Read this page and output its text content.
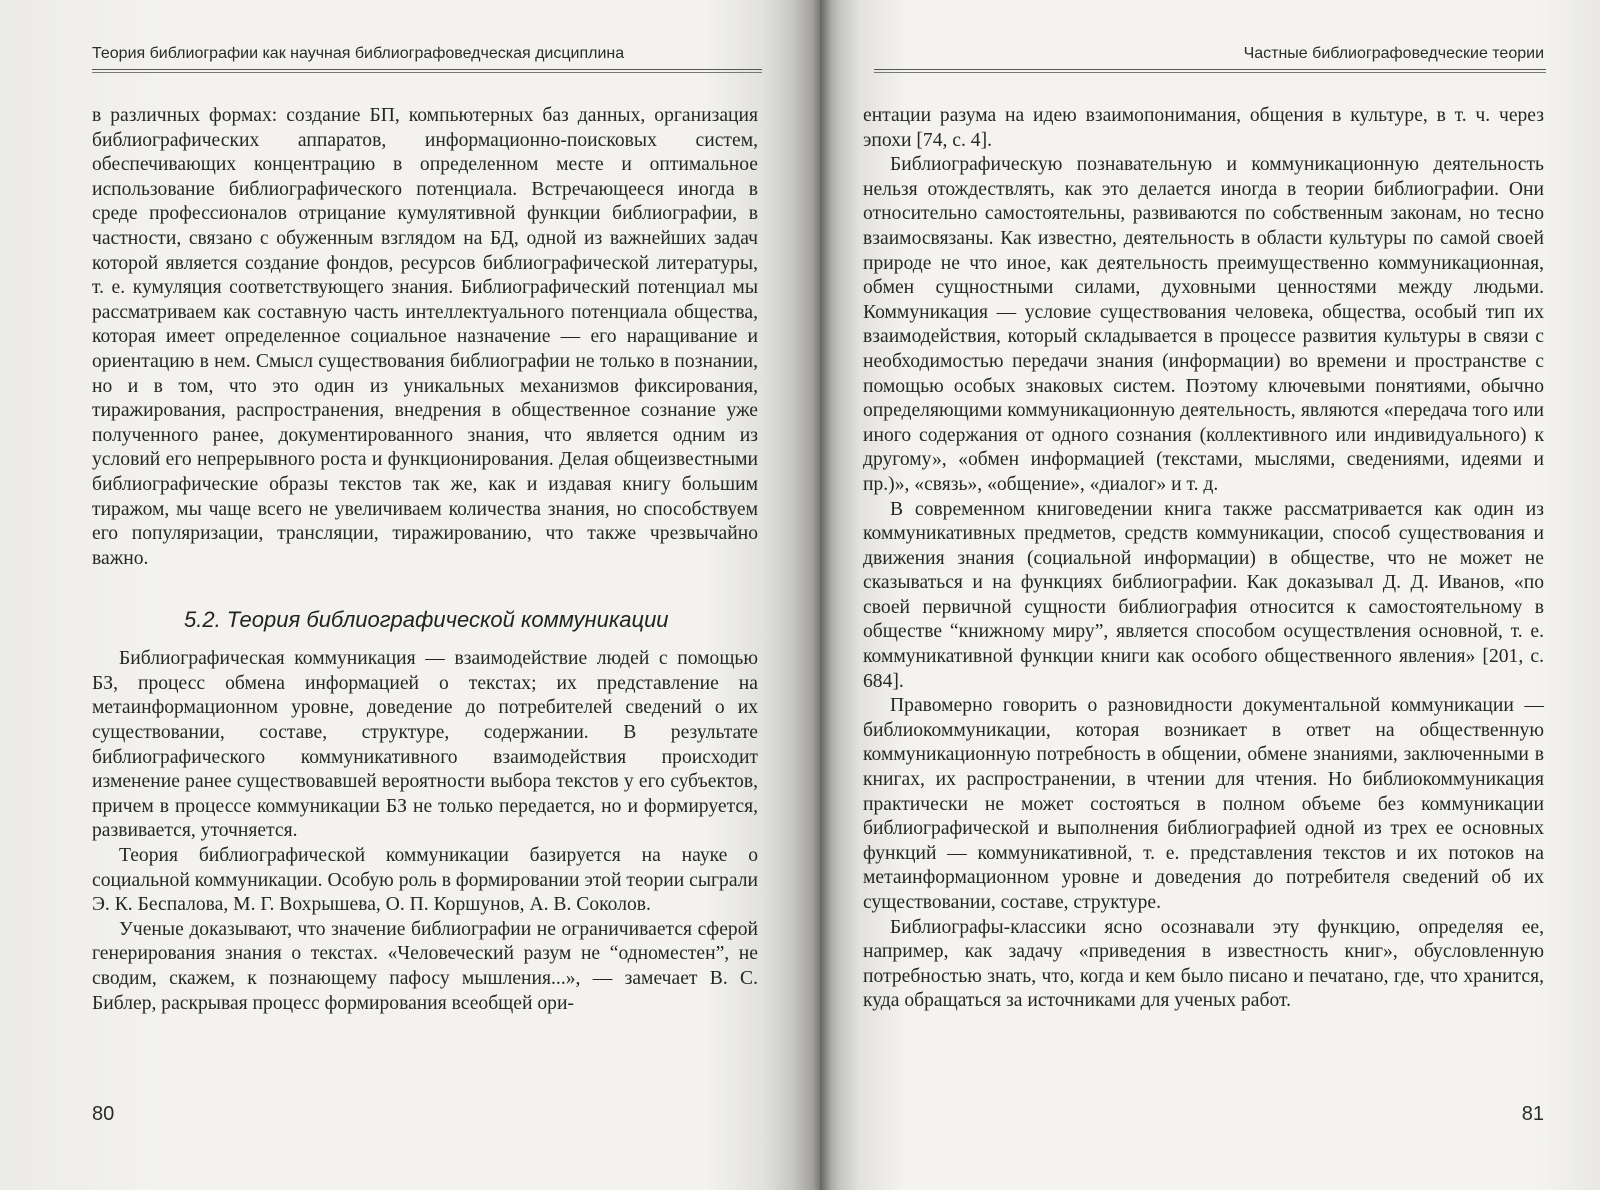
Теория библиографии как научная библиографоведческая дисциплина

в различных формах: создание БП, компьютерных баз данных, организация библиографических аппаратов, информационно-поисковых систем, обеспечивающих концентрацию в определенном месте и оптимальное использование библиографического потенциала. Встречающееся иногда в среде профессионалов отрицание кумулятивной функции библиографии, в частности, связано с обуженным взглядом на БД, одной из важнейших задач которой является создание фондов, ресурсов библиографической литературы, т. е. кумуляция соответствующего знания. Библиографический потенциал мы рассматриваем как составную часть интеллектуального потенциала общества, которая имеет определенное социальное назначение — его наращивание и ориентацию в нем. Смысл существования библиографии не только в познании, но и в том, что это один из уникальных механизмов фиксирования, тиражирования, распространения, внедрения в общественное сознание уже полученного ранее, документированного знания, что является одним из условий его непрерывного роста и функционирования. Делая общеизвестными библиографические образы текстов так же, как и издавая книгу большим тиражом, мы чаще всего не увеличиваем количества знания, но способствуем его популяризации, трансляции, тиражированию, что также чрезвычайно важно.

5.2. Теория библиографической коммуникации

Библиографическая коммуникация — взаимодействие людей с помощью БЗ, процесс обмена информацией о текстах; их представление на метаинформационном уровне, доведение до потребителей сведений о их существовании, составе, структуре, содержании. В результате библиографического коммуникативного взаимодействия происходит изменение ранее существовавшей вероятности выбора текстов у его субъектов, причем в процессе коммуникации БЗ не только передается, но и формируется, развивается, уточняется.

Теория библиографической коммуникации базируется на науке о социальной коммуникации. Особую роль в формировании этой теории сыграли Э. К. Беспалова, М. Г. Вохрышева, О. П. Коршунов, А. В. Соколов.

Ученые доказывают, что значение библиографии не ограничивается сферой генерирования знания о текстах. «Человеческий разум не “одноместен”, не сводим, скажем, к познающему пафосу мышления...», — замечает В. С. Библер, раскрывая процесс формирования всеобщей ори-

80
Частные библиографоведческие теории

ентации разума на идею взаимопонимания, общения в культуре, в т. ч. через эпохи [74, с. 4].

Библиографическую познавательную и коммуникационную деятельность нельзя отождествлять, как это делается иногда в теории библиографии. Они относительно самостоятельны, развиваются по собственным законам, но тесно взаимосвязаны. Как известно, деятельность в области культуры по самой своей природе не что иное, как деятельность преимущественно коммуникационная, обмен сущностными силами, духовными ценностями между людьми. Коммуникация — условие существования человека, общества, особый тип их взаимодействия, который складывается в процессе развития культуры в связи с необходимостью передачи знания (информации) во времени и пространстве с помощью особых знаковых систем. Поэтому ключевыми понятиями, обычно определяющими коммуникационную деятельность, являются «передача того или иного содержания от одного сознания (коллективного или индивидуального) к другому», «обмен информацией (текстами, мыслями, сведениями, идеями и пр.)», «связь», «общение», «диалог» и т. д.

В современном книговедении книга также рассматривается как один из коммуникативных предметов, средств коммуникации, способ существования и движения знания (социальной информации) в обществе, что не может не сказываться и на функциях библиографии. Как доказывал Д. Д. Иванов, «по своей первичной сущности библиография относится к самостоятельному в обществе “книжному миру”, является способом осуществления основной, т. е. коммуникативной функции книги как особого общественного явления» [201, с. 684].

Правомерно говорить о разновидности документальной коммуникации — библиокоммуникации, которая возникает в ответ на общественную коммуникационную потребность в общении, обмене знаниями, заключенными в книгах, их распространении, в чтении для чтения. Но библиокоммуникация практически не может состояться в полном объеме без коммуникации библиографической и выполнения библиографией одной из трех ее основных функций — коммуникативной, т. е. представления текстов и их потоков на метаинформационном уровне и доведения до потребителя сведений об их существовании, составе, структуре.

Библиографы-классики ясно осознавали эту функцию, определяя ее, например, как задачу «приведения в известность книг», обусловленную потребностью знать, что, когда и кем было писано и печатано, где, что хранится, куда обращаться за источниками для ученых работ.

81
